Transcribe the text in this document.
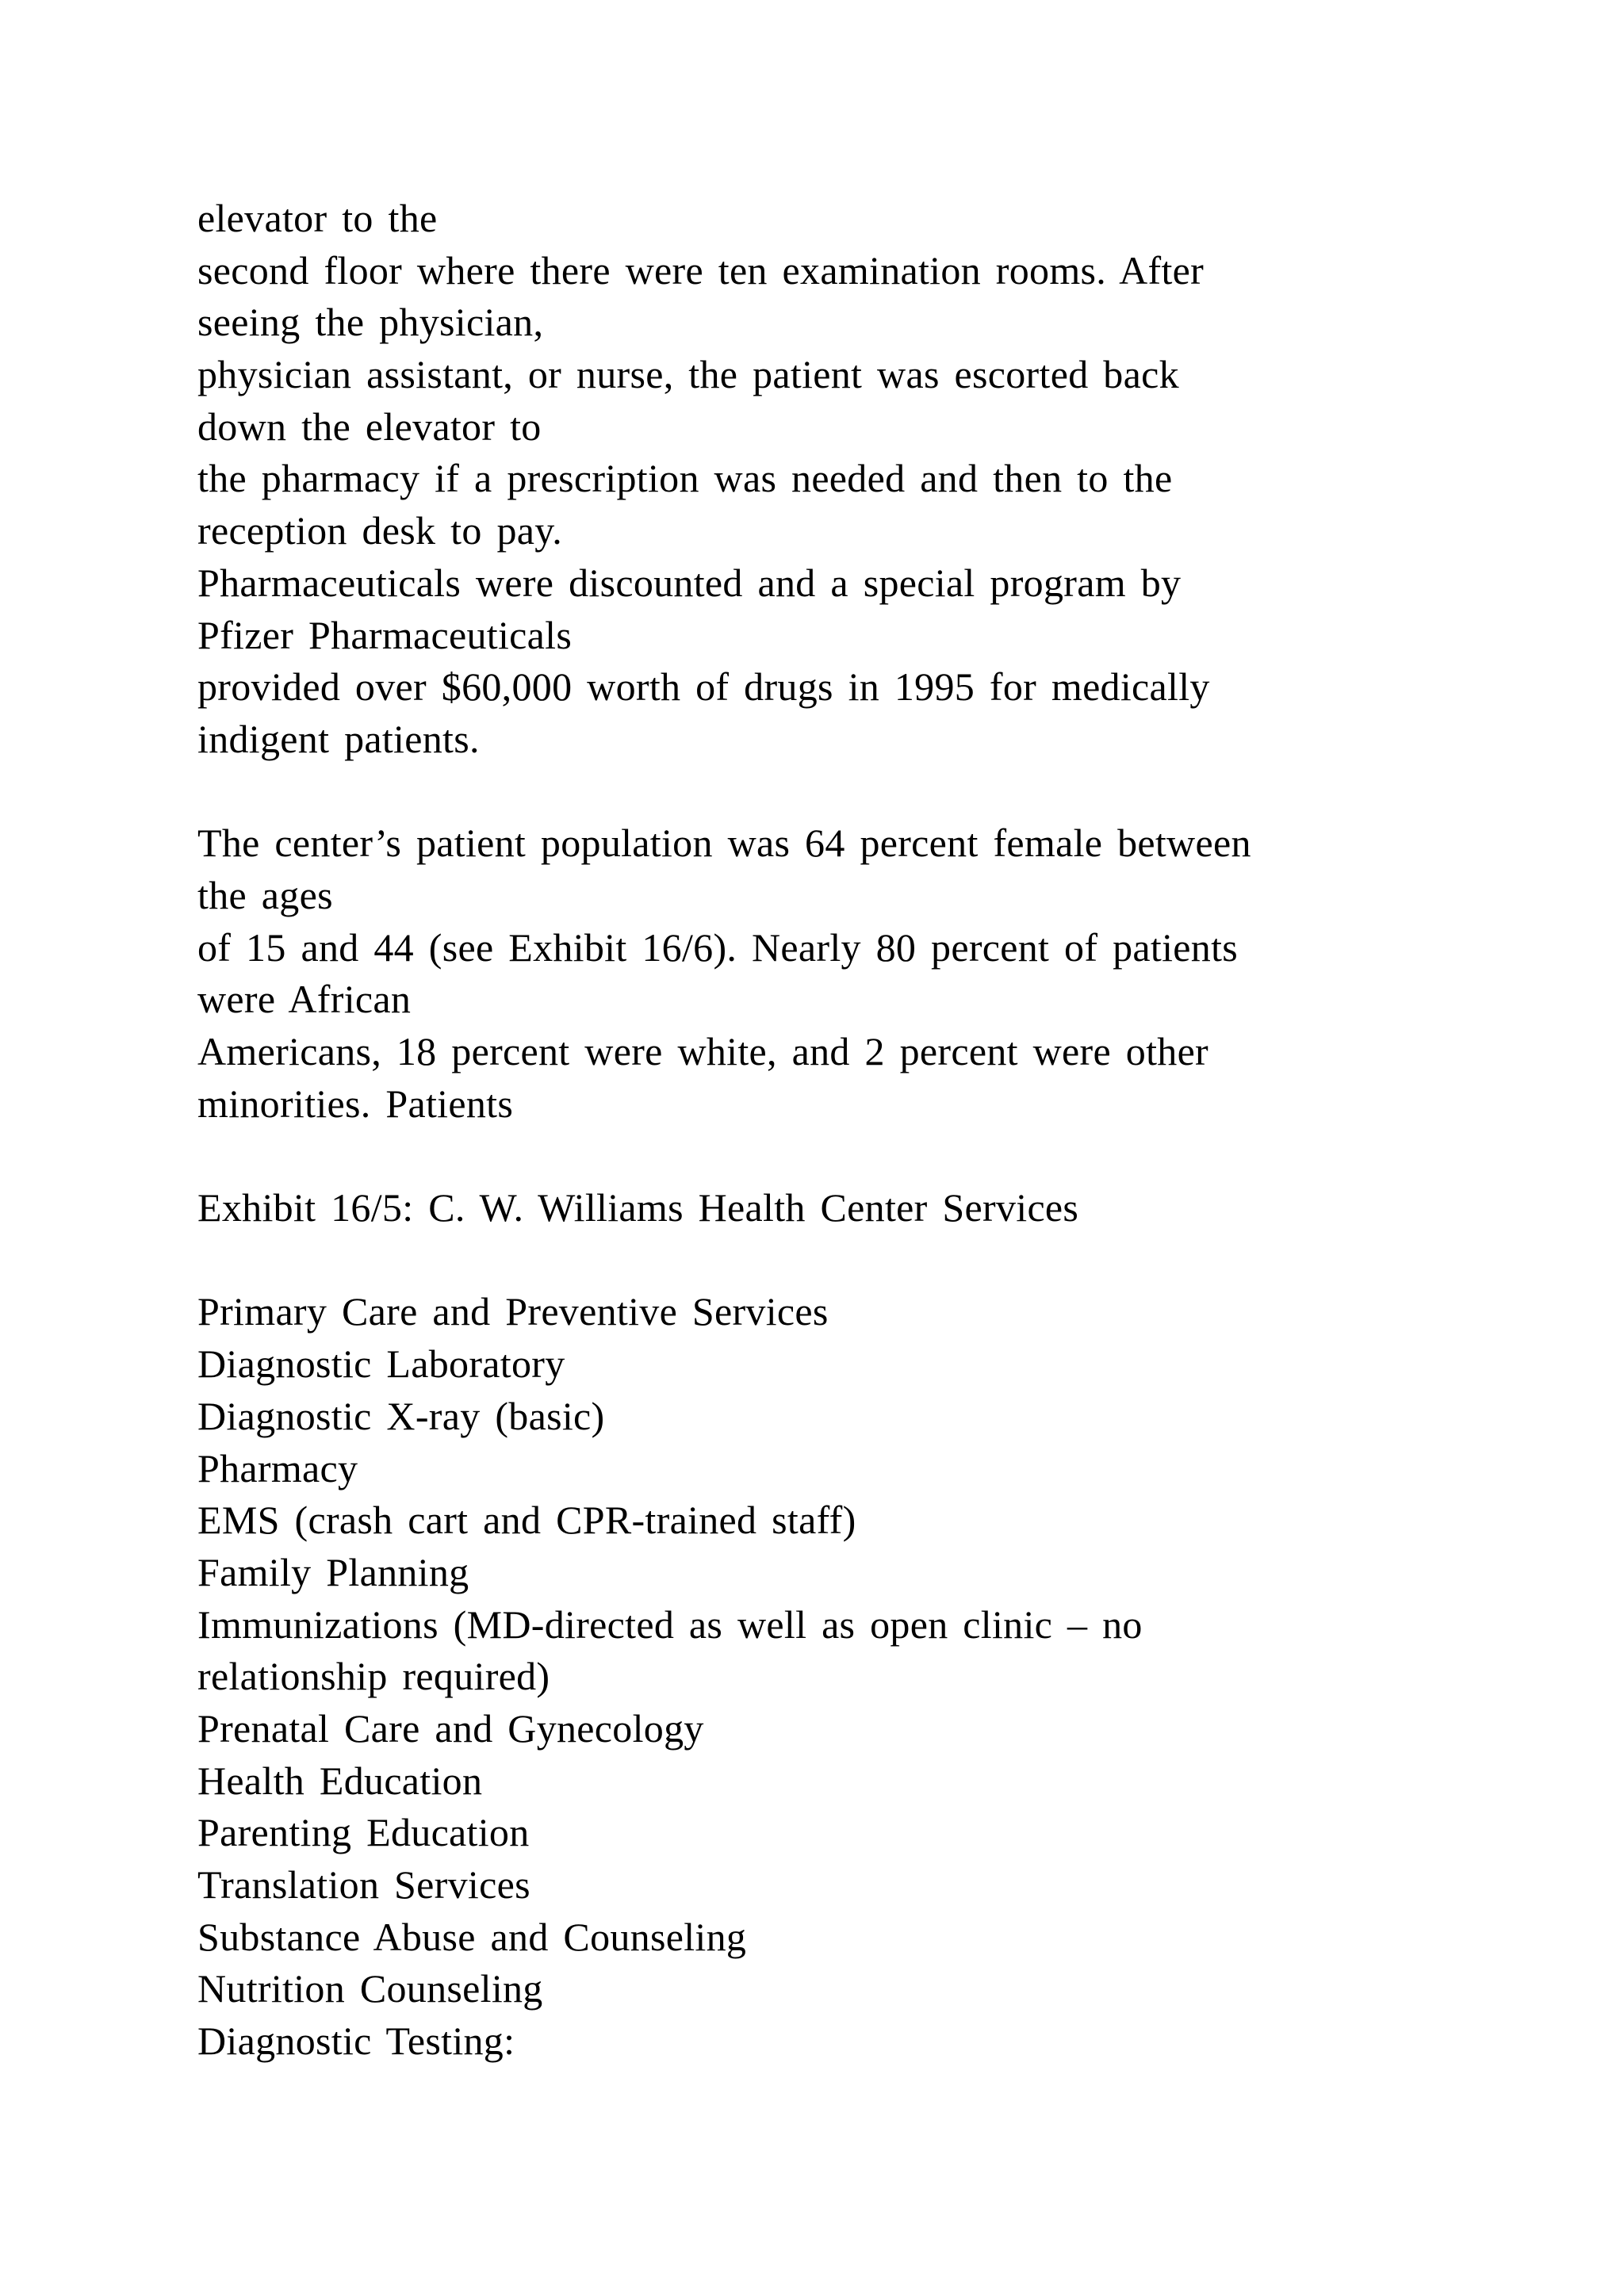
elevator to the
second floor where there were ten examination rooms. After
seeing the physician,
physician assistant, or nurse, the patient was escorted back
down the elevator to
the pharmacy if a prescription was needed and then to the
reception desk to pay.
Pharmaceuticals were discounted and a special program by
Pfizer Pharmaceuticals
provided over $60,000 worth of drugs in 1995 for medically
indigent patients.
The center’s patient population was 64 percent female between
the ages
of 15 and 44 (see Exhibit 16/6). Nearly 80 percent of patients
were African
Americans, 18 percent were white, and 2 percent were other
minorities. Patients
Exhibit 16/5: C. W. Williams Health Center Services
Primary Care and Preventive Services
Diagnostic Laboratory
Diagnostic X-ray (basic)
Pharmacy
EMS (crash cart and CPR-trained staff)
Family Planning
Immunizations (MD-directed as well as open clinic – no
relationship required)
Prenatal Care and Gynecology
Health Education
Parenting Education
Translation Services
Substance Abuse and Counseling
Nutrition Counseling
Diagnostic Testing:
